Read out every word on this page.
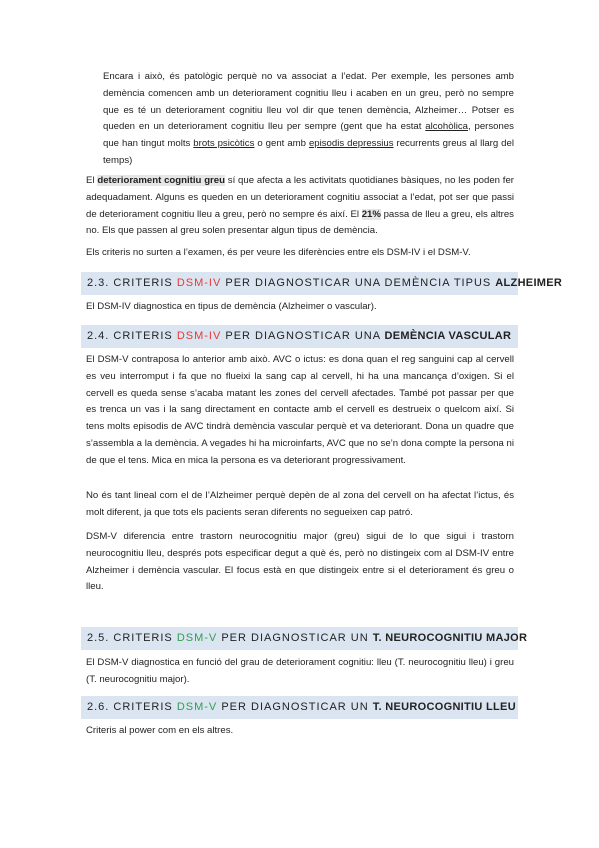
Encara i això, és patològic perquè no va associat a l’edat. Per exemple, les persones amb demència comencen amb un deteriorament cognitiu lleu i acaben en un greu, però no sempre que es té un deteriorament cognitiu lleu vol dir que tenen demència, Alzheimer… Potser es queden en un deteriorament cognitiu lleu per sempre (gent que ha estat alcohòlica, persones que han tingut molts brots psicòtics o gent amb episodis depressius recurrents greus al llarg del temps)

El deteriorament cognitiu greu sí que afecta a les activitats quotidianes bàsiques, no les poden fer adequadament. Alguns es queden en un deteriorament cognitiu associat a l’edat, pot ser que passi de deteriorament cognitiu lleu a greu, però no sempre és així. El 21% passa de lleu a greu, els altres no. Els que passen al greu solen presentar algun tipus de demència.

Els criteris no surten a l’examen, és per veure les diferències entre els DSM-IV i el DSM-V.

2.3. CRITERIS DSM-IV PER DIAGNOSTICAR UNA DEMÈNCIA TIPUS ALZHEIMER

El DSM-IV diagnostica en tipus de demència (Alzheimer o vascular).

2.4. CRITERIS DSM-IV PER DIAGNOSTICAR UNA DEMÈNCIA VASCULAR

El DSM-V contraposa lo anterior amb això. AVC o ictus: es dona quan el reg sanguini cap al cervell es veu interromput i fa que no flueixi la sang cap al cervell, hi ha una mancança d’oxigen. Si el cervell es queda sense s’acaba matant les zones del cervell afectades. També pot passar per que es trenca un vas i la sang directament en contacte amb el cervell es destrueix o quelcom així. Si tens molts episodis de AVC tindrà demència vascular perquè et va deteriorant. Dona un quadre que s’assembla a la demència. A vegades hi ha microinfarts, AVC que no se’n dona compte la persona ni de que el tens. Mica en mica la persona es va deteriorant progressivament.

No és tant lineal com el de l’Alzheimer perquè depèn de al zona del cervell on ha afectat l’ictus, és molt diferent, ja que tots els pacients seran diferents no segueixen cap patró.

DSM-V diferencia entre trastorn neurocognitiu major (greu) sigui de lo que sigui i trastorn neurocognitiu lleu, després pots especificar degut a què és, però no distingeix com al DSM-IV entre Alzheimer i demència vascular. El focus està en que distingeix entre si el deteriorament és greu o lleu.

2.5. CRITERIS DSM-V PER DIAGNOSTICAR UN T. NEUROCOGNITIU MAJOR

El DSM-V diagnostica en funció del grau de deteriorament cognitiu: lleu (T. neurocognitiu lleu) i greu (T. neurocognitiu major).

2.6. CRITERIS DSM-V PER DIAGNOSTICAR UN T. NEUROCOGNITIU LLEU

Criteris al power com en els altres.
